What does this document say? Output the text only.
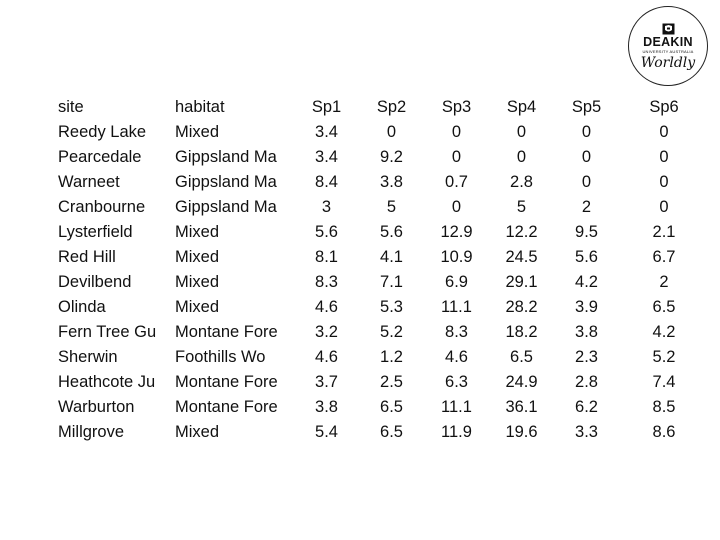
DEAKIN
UNIVERSITY AUSTRALIA
Worldly
site	habitat	Sp1	Sp2	Sp3	Sp4	Sp5	Sp6
Reedy Lake	Mixed	3.4	0	0	0	0	0
Pearcedale	Gippsland Ma	3.4	9.2	0	0	0	0
Warneet	Gippsland Ma	8.4	3.8	0.7	2.8	0	0
Cranbourne	Gippsland Ma	3	5	0	5	2	0
Lysterfield	Mixed	5.6	5.6	12.9	12.2	9.5	2.1
Red Hill	Mixed	8.1	4.1	10.9	24.5	5.6	6.7
Devilbend	Mixed	8.3	7.1	6.9	29.1	4.2	2
Olinda	Mixed	4.6	5.3	11.1	28.2	3.9	6.5
Fern Tree Gu	Montane Fore	3.2	5.2	8.3	18.2	3.8	4.2
Sherwin	Foothills Wo	4.6	1.2	4.6	6.5	2.3	5.2
Heathcote Ju	Montane Fore	3.7	2.5	6.3	24.9	2.8	7.4
Warburton	Montane Fore	3.8	6.5	11.1	36.1	6.2	8.5
Millgrove	Mixed	5.4	6.5	11.9	19.6	3.3	8.6
